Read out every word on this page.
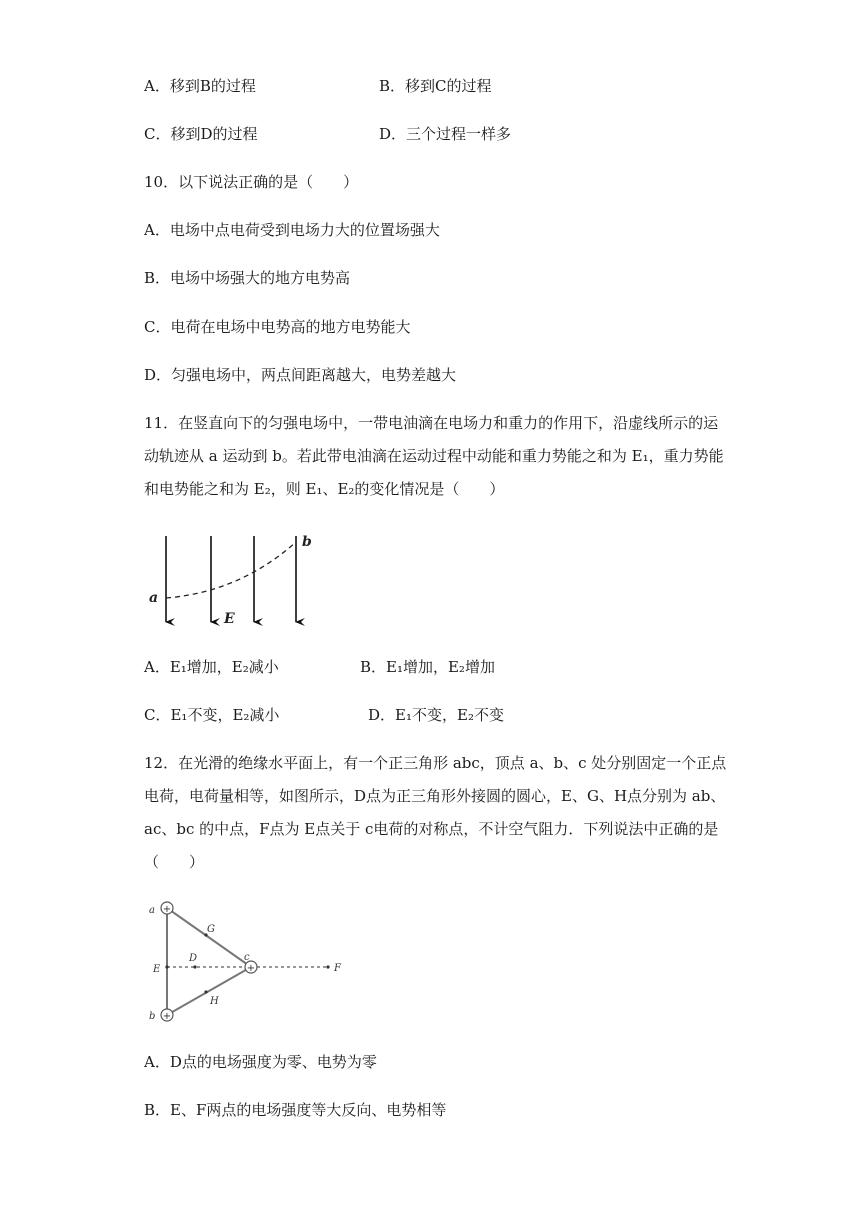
A．移到B的过程	B．移到C的过程
C．移到D的过程	D．三个过程一样多
10．以下说法正确的是（　　）
A．电场中点电荷受到电场力大的位置场强大
B．电场中场强大的地方电势高
C．电荷在电场中电势高的地方电势能大
D．匀强电场中，两点间距离越大，电势差越大
11．在竖直向下的匀强电场中，一带电油滴在电场力和重力的作用下，沿虚线所示的运
动轨迹从 a 运动到 b。若此带电油滴在运动过程中动能和重力势能之和为 E₁，重力势能
和电势能之和为 E₂，则 E₁、E₂的变化情况是（　　）
a
b
E
A．E₁增加，E₂减小	B．E₁增加，E₂增加
C．E₁不变，E₂减小	D．E₁不变，E₂不变
12．在光滑的绝缘水平面上，有一个正三角形 abc，顶点 a、b、c 处分别固定一个正点
电荷，电荷量相等，如图所示，D点为正三角形外接圆的圆心，E、G、H点分别为 ab、
ac、bc 的中点，F点为 E点关于 c电荷的对称点，不计空气阻力．下列说法中正确的是
（　　）
+
+
+
a
b
c
D
E	F
G
H
A．D点的电场强度为零、电势为零
B．E、F两点的电场强度等大反向、电势相等
